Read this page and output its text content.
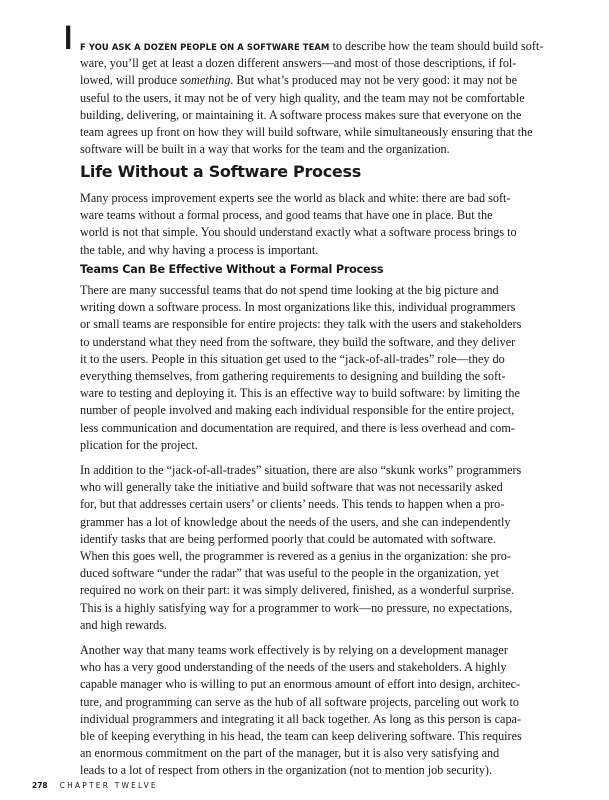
I F YOU ASK A DOZEN PEOPLE ON A SOFTWARE TEAM to describe how the team should build soft-
ware, you’ll get at least a dozen different answers—and most of those descriptions, if fol-
lowed, will produce something. But what’s produced may not be very good: it may not be
useful to the users, it may not be of very high quality, and the team may not be comfortable
building, delivering, or maintaining it. A software process makes sure that everyone on the
team agrees up front on how they will build software, while simultaneously ensuring that the
software will be built in a way that works for the team and the organization.
Life Without a Software Process
Many process improvement experts see the world as black and white: there are bad soft-
ware teams without a formal process, and good teams that have one in place. But the
world is not that simple. You should understand exactly what a software process brings to
the table, and why having a process is important.
Teams Can Be Effective Without a Formal Process
There are many successful teams that do not spend time looking at the big picture and
writing down a software process. In most organizations like this, individual programmers
or small teams are responsible for entire projects: they talk with the users and stakeholders
to understand what they need from the software, they build the software, and they deliver
it to the users. People in this situation get used to the “jack-of-all-trades” role—they do
everything themselves, from gathering requirements to designing and building the soft-
ware to testing and deploying it. This is an effective way to build software: by limiting the
number of people involved and making each individual responsible for the entire project,
less communication and documentation are required, and there is less overhead and com-
plication for the project.
In addition to the “jack-of-all-trades” situation, there are also “skunk works” programmers
who will generally take the initiative and build software that was not necessarily asked
for, but that addresses certain users’ or clients’ needs. This tends to happen when a pro-
grammer has a lot of knowledge about the needs of the users, and she can independently
identify tasks that are being performed poorly that could be automated with software.
When this goes well, the programmer is revered as a genius in the organization: she pro-
duced software “under the radar” that was useful to the people in the organization, yet
required no work on their part: it was simply delivered, finished, as a wonderful surprise.
This is a highly satisfying way for a programmer to work—no pressure, no expectations,
and high rewards.
Another way that many teams work effectively is by relying on a development manager
who has a very good understanding of the needs of the users and stakeholders. A highly
capable manager who is willing to put an enormous amount of effort into design, architec-
ture, and programming can serve as the hub of all software projects, parceling out work to
individual programmers and integrating it all back together. As long as this person is capa-
ble of keeping everything in his head, the team can keep delivering software. This requires
an enormous commitment on the part of the manager, but it is also very satisfying and
leads to a lot of respect from others in the organization (not to mention job security).
278 CHAPTER TWELVE
